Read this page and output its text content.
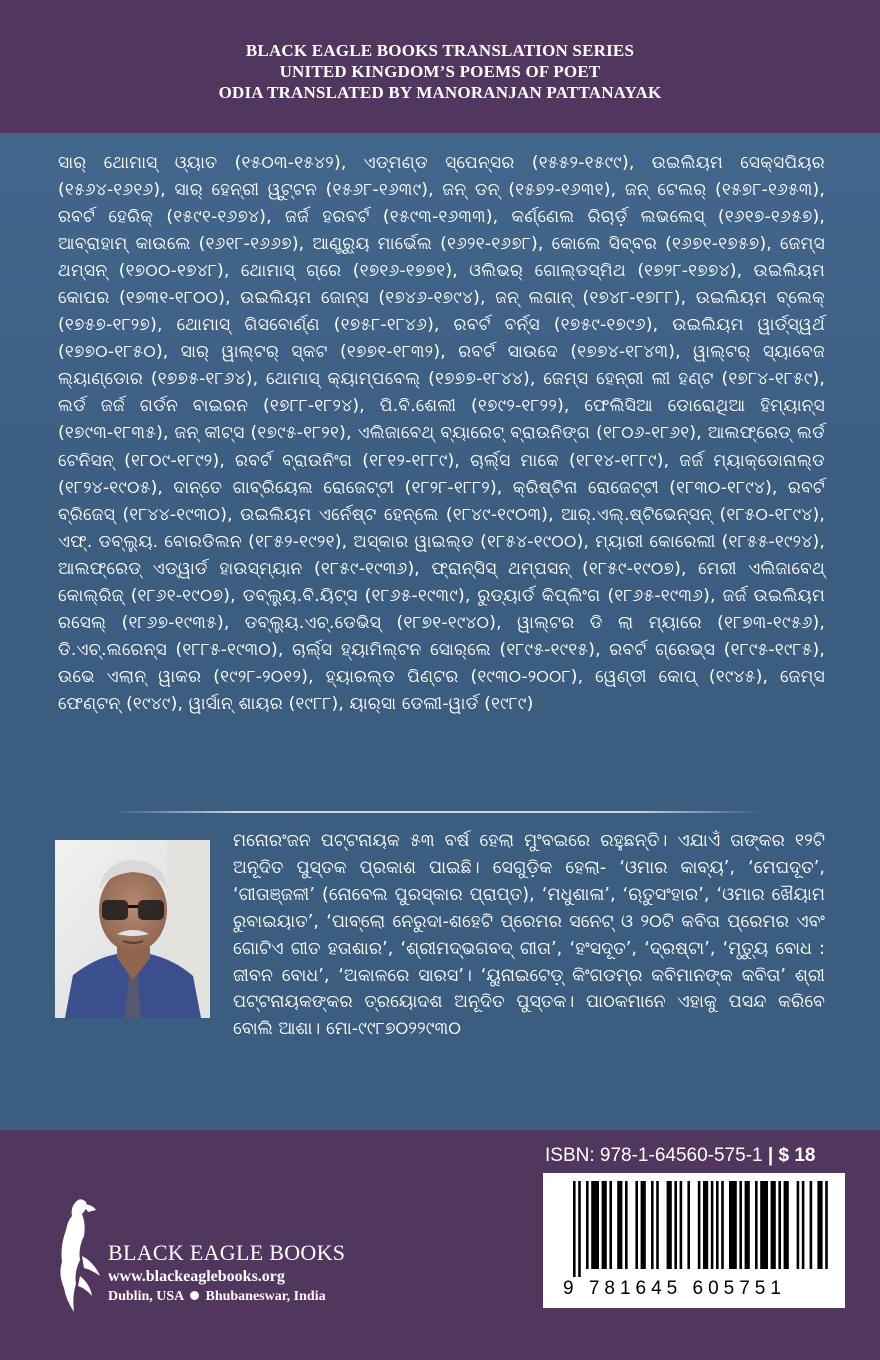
BLACK EAGLE BOOKS TRANSLATION SERIES
UNITED KINGDOM’S POEMS OF POET
ODIA TRANSLATED BY MANORANJAN PATTANAYAK

ସାର୍ ଥୋମାସ୍ ଓ୍ୟାତ (୧୫୦୩-୧୫୪୨), ଏଡ୍ମଣ୍ଡ ସ୍ପେନ୍ସର (୧୫୫୨-୧୫୯୯), ଉଇଲିୟମ ସେକ୍ସପିୟର (୧୫୬୪-୧୬୧୬), ସାର୍ ହେନ୍‌ରୀ ୱୁଟ୍ଟନ (୧୫୬୮-୧୬୩୯), ଜନ୍ ଡନ୍ (୧୫୭୨-୧୬୩୧), ଜନ୍ ଟେଲର୍ (୧୫୭୮-୧୬୫୩), ରବର୍ଟ ହେରିକ୍ (୧୫୯୧-୧୬୭୪), ଜର୍ଜ ହରବର୍ଟ (୧୫୯୩-୧୬୩୩), କର୍ଣ୍ଣେଲ ରିଚାର୍ଡ଼ ଲଭଲେସ୍ (୧୬୧୭-୧୬୫୭), ଆବ୍ରାହାମ୍ କାଉଲେ (୧୬୧୮-୧୬୬୭), ଆଣ୍ଡ୍ର୍ୟୁ ମାର୍ଭେଲ (୧୬୨୧-୧୬୭୮), କୋଲେ ସିବ୍‌ବର (୧୬୭୧-୧୭୫୭), ଜେମ୍ସ ଥମ୍‌ସନ୍ (୧୭୦୦-୧୭୪୮), ଥୋମାସ୍ ଗ୍ରେ (୧୭୧୬-୧୭୭୧), ଓଲିଭର୍ ଗୋଲ୍ଡସ୍ମିଥ (୧୭୨୮-୧୭୭୪), ଉଇଲିୟମ କୋପର (୧୭୩୧-୧୮୦୦), ଉଇଲିୟମ ଜୋନ୍ସ (୧୭୪୬-୧୭୯୪), ଜନ୍ ଲଗାନ୍ (୧୭୪୮-୧୭୮୮), ଉଇଲିୟମ ବ୍ଲେକ୍ (୧୭୫୭-୧୮୨୭), ଥୋମାସ୍ ଗିସବୋର୍ଣ୍ଣ (୧୭୫୮-୧୮୪୬), ରବର୍ଟ ବର୍ନ୍ସ (୧୭୫୯-୧୭୯୬), ଉଇଲିୟମ ୱାର୍ଡ୍‌ସ୍ୱର୍ଥ (୧୭୭୦-୧୮୫୦), ସାର୍ ୱାଲ୍‌ଟର୍ ସ୍କଟ (୧୭୭୧-୧୮୩୨), ରବର୍ଟ ସାଉଦେ (୧୭୭୪-୧୮୪୩), ୱାଲ୍ଟର୍ ସ୍ୟାବେଜ ଲ୍ୟାଣ୍ଡୋର (୧୭୭୫-୧୮୬୪), ଥୋମାସ୍ କ୍ୟାମ୍ପବେଲ୍ (୧୭୭୭-୧୮୪୪), ଜେମ୍ସ ହେନ୍‌ରୀ ଲୀ ହଣ୍ଟ (୧୭୮୪-୧୮୫୯), ଲର୍ଡ ଜର୍ଜ ଗର୍ଡନ ବାଇରନ (୧୭୮୮-୧୮୨୪), ପି.ବି.ଶେଲୀ (୧୭୯୨-୧୮୨୨), ଫେଲିସିଆ ଡୋରୋଥିଆ ହିମ୍ୟାନ୍ସ (୧୭୯୩-୧୮୩୫), ଜନ୍ କୀଟ୍ସ (୧୭୯୫-୧୮୨୧), ଏଲିଜାବେଥ୍ ବ୍ୟାରେଟ୍ ବ୍ରାଉନିଙ୍ଗ (୧୮୦୬-୧୮୬୧), ଆଲଫ୍ରେଡ୍ ଲର୍ଡ ଟେନିସନ୍ (୧୮୦୯-୧୮୯୨), ରବର୍ଟ ବ୍ରାଉନିଂଗ (୧୮୧୨-୧୮୮୯), ଚାର୍ଲ୍ସ ମାକେ (୧୮୧୪-୧୮୮୯), ଜର୍ଜ ମ୍ୟାକ୍‌ଡୋନାଲ୍ଡ (୧୮୨୪-୧୯୦୫), ଦାନ୍ତେ ଗାବ୍ରିୟେଲ ରୋଜେଟ୍ଟୀ (୧୮୨୮-୧୮୮୨), କ୍ରିଷ୍ଟିନା ରୋଜେଟ୍ଟୀ (୧୮୩୦-୧୮୯୪), ରବର୍ଟ ବ୍ରିଜେସ୍ (୧୮୪୪-୧୯୩୦), ଉଇଲିୟମ ଏର୍ନେଷ୍ଟ ହେନ୍‌ଲେ (୧୮୪୯-୧୯୦୩), ଆର୍.ଏଲ୍.ଷ୍ଟିଭେନ୍‌ସନ୍ (୧୮୫୦-୧୮୯୪), ଏଫ୍. ଡବ୍ଲ୍ୟୁ. ବୋରଡିଲନ (୧୮୫୨-୧୯୨୧), ଅସ୍କାର ୱାଇଲ୍ଡ (୧୮୫୪-୧୯୦୦), ମ୍ୟାରୀ କୋରେଲୀ (୧୮୫୫-୧୯୨୪), ଆଲଫ୍ରେଡ୍ ଏଡ୍‌ୱାର୍ଡ ହାଉସ୍‌ମ୍ୟାନ (୧୮୫୯-୧୯୩୬), ଫ୍ରାନ୍‌ସିସ୍ ଥମ୍ପସନ୍ (୧୮୫୯-୧୯୦୭), ମେରୀ ଏଲିଜାବେଥ୍ କୋଲ୍‌ରିଜ୍ (୧୮୬୧-୧୯୦୭), ଡବ୍ଲ୍ୟୁ.ବି.ୟିଟ୍ସ (୧୮୬୫-୧୯୩୯), ରୁଡ୍‌ୟାର୍ଡ କିପ୍‌ଲିଂଗ (୧୮୬୫-୧୯୩୬), ଜର୍ଜ ଉଇଲିୟମ ରସେଲ୍ (୧୮୬୭-୧୯୩୫), ଡବ୍ଲ୍ୟୁ.ଏଚ୍.ଡେଭିସ୍ (୧୮୭୧-୧୯୪୦), ୱାଲ୍‌ଟର ଡି ଲା ମ୍ୟାରେ (୧୮୭୩-୧୯୫୬), ଡି.ଏଚ୍.ଲରେନ୍ସ (୧୮୮୫-୧୯୩୦), ଚାର୍ଲ୍ସ ହ୍ୟାମିଲ୍‌ଟନ ସୋର୍‌ଲେ (୧୮୯୫-୧୯୧୫), ରବର୍ଟ ଗ୍ରେଭ୍‌ସ (୧୮୯୫-୧୯୮୫), ଉଭେ ଏଲାନ୍ ୱାକର (୧୯୨୮-୨୦୧୨), ହ୍ୟାରଲ୍ଡ ପିଣ୍ଟର (୧୯୩୦-୨୦୦୮), ୱେଣ୍ଡୀ କୋପ୍ (୧୯୪୫), ଜେମ୍ସ ଫେଣ୍ଟନ୍ (୧୯୪୯), ୱାର୍ସାନ୍ ଶାୟର (୧୯୮୮), ୟାର୍‌ସା ଡେଲୀ-ୱାର୍ଡ (୧୯୮୯)

ମନୋରଂଜନ ପଟ୍ଟନାୟକ ୫୩ ବର୍ଷ ହେଲା ମୁଂବଇରେ ରହୁଛନ୍ତି। ଏଯାଏଁ ତାଙ୍କର ୧୨ଟି ଅନୂଦିତ ପୁସ୍ତକ ପ୍ରକାଶ ପାଇଛି। ସେଗୁଡ଼ିକ ହେଲା- ‘ଓମାର କାବ୍ୟ’, ‘ମେଘଦୂତ’, ‘ଗୀତାଞ୍ଜଳୀ’ (ନୋବେଲ ପୁରସ୍କାର ପ୍ରାପ୍ତ), ‘ମଧୁଶାଳା’, ‘ଋତୁସଂହାର’, ‘ଓମାର ଖୈୟାମ ରୁବାଇୟାତ’, ‘ପାବ୍ଲୋ ନେରୁଦା-ଶହେଟି ପ୍ରେମର ସନେଟ୍ ଓ ୨୦ଟି କବିତା ପ୍ରେମର ଏବଂ ଗୋଟିଏ ଗୀତ ହତାଶାର’, ‘ଶ୍ରୀମଦ୍‌ଭଗବଦ୍ ଗୀତା’, ‘ହଂସଦୂତ’, ‘ଦ୍ରଷ୍ଟା’, ‘ମୃତ୍ୟୁ ବୋଧ : ଜୀବନ ବୋଧ’, ‘ଅକାଳରେ ସାରସ’। ‘ୟୁନାଇଟେଡ଼୍ କିଂଗଡମ୍‌ର କବିମାନଙ୍କ କବିତା’ ଶ୍ରୀ ପଟ୍ଟନାୟକଙ୍କର ତ୍ରୟୋଦଶ ଅନୂଦିତ ପୁସ୍ତକ। ପାଠକମାନେ ଏହାକୁ ପସନ୍ଦ କରିବେ ବୋଲି ଆଶା। ମୋ-୯୯୮୭୦୨୨୯୩୦

ISBN: 978-1-64560-575-1 | $ 18
9 781645 605751
BLACK EAGLE BOOKS
www.blackeaglebooks.org
Dublin, USA Bhubaneswar, India
